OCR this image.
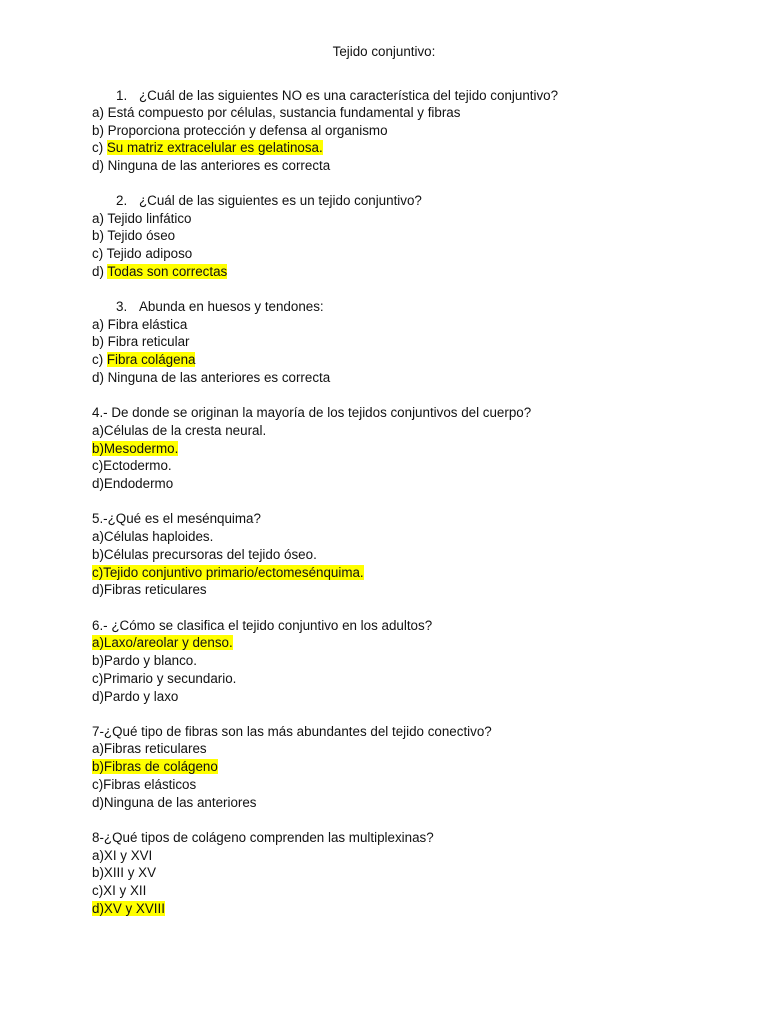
Tejido conjuntivo:
1. ¿Cuál de las siguientes NO es una característica del tejido conjuntivo?
a) Está compuesto por células, sustancia fundamental y fibras
b) Proporciona protección y defensa al organismo
c) Su matriz extracelular es gelatinosa.
d) Ninguna de las anteriores es correcta
2. ¿Cuál de las siguientes es un tejido conjuntivo?
a) Tejido linfático
b) Tejido óseo
c) Tejido adiposo
d) Todas son correctas
3. Abunda en huesos y tendones:
a) Fibra elástica
b) Fibra reticular
c) Fibra colágena
d) Ninguna de las anteriores es correcta
4.- De donde se originan la mayoría de los tejidos conjuntivos del cuerpo?
a)Células de la cresta neural.
b)Mesodermo.
c)Ectodermo.
d)Endodermo
5.-¿Qué es el mesénquima?
a)Células haploides.
b)Células precursoras del tejido óseo.
c)Tejido conjuntivo primario/ectomesénquima.
d)Fibras reticulares
6.- ¿Cómo se clasifica el tejido conjuntivo en los adultos?
a)Laxo/areolar y denso.
b)Pardo y blanco.
c)Primario y secundario.
d)Pardo y laxo
7-¿Qué tipo de fibras son las más abundantes del tejido conectivo?
a)Fibras reticulares
b)Fibras de colágeno
c)Fibras elásticos
d)Ninguna de las anteriores
8-¿Qué tipos de colágeno comprenden las multiplexinas?
a)XI y XVI
b)XIII y XV
c)XI y XII
d)XV y XVIII
